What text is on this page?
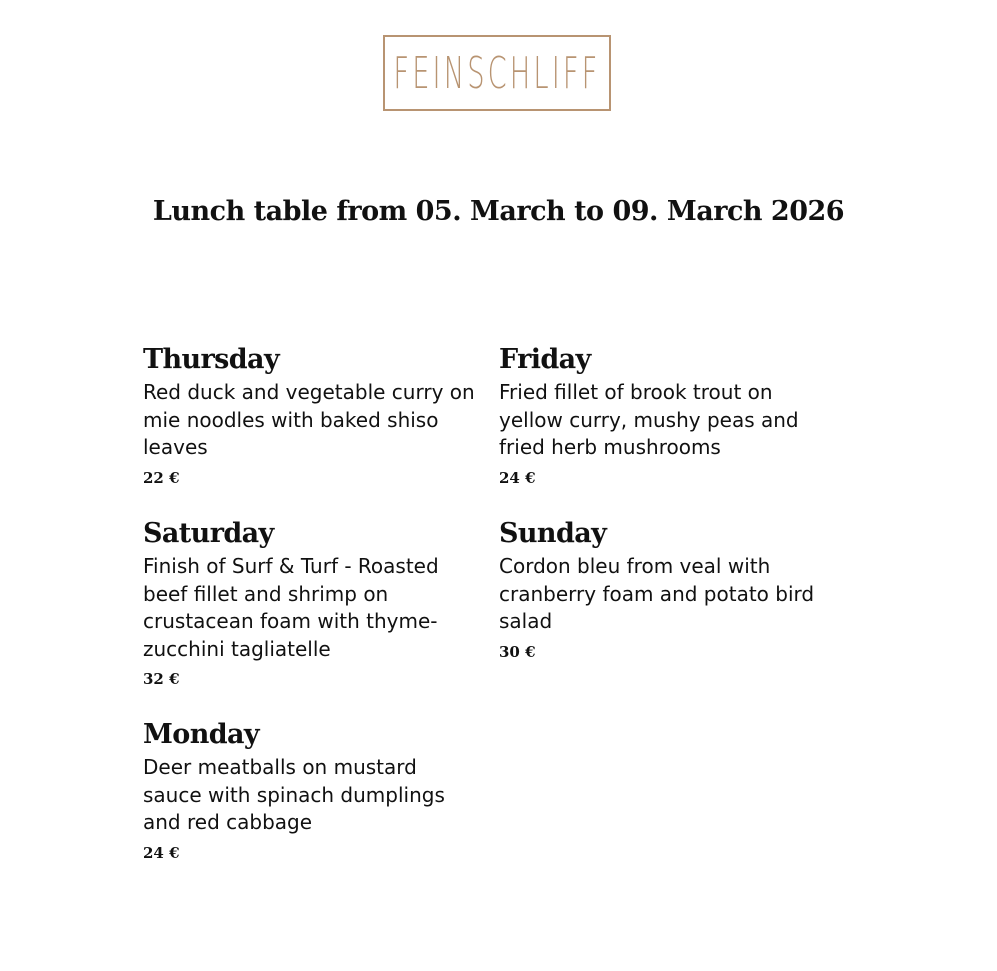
FEINSCHLIFF
Lunch table from 05. March to 09. March 2026
Thursday

Red duck and vegetable curry on mie noodles with baked shiso leaves

22 €
Friday

Fried fillet of brook trout on yellow curry, mushy peas and fried herb mushrooms

24 €
Saturday

Finish of Surf & Turf - Roasted beef fillet and shrimp on crustacean foam with thyme-zucchini tagliatelle

32 €
Sunday

Cordon bleu from veal with cranberry foam and potato bird salad

30 €
Monday

Deer meatballs on mustard sauce with spinach dumplings and red cabbage

24 €
